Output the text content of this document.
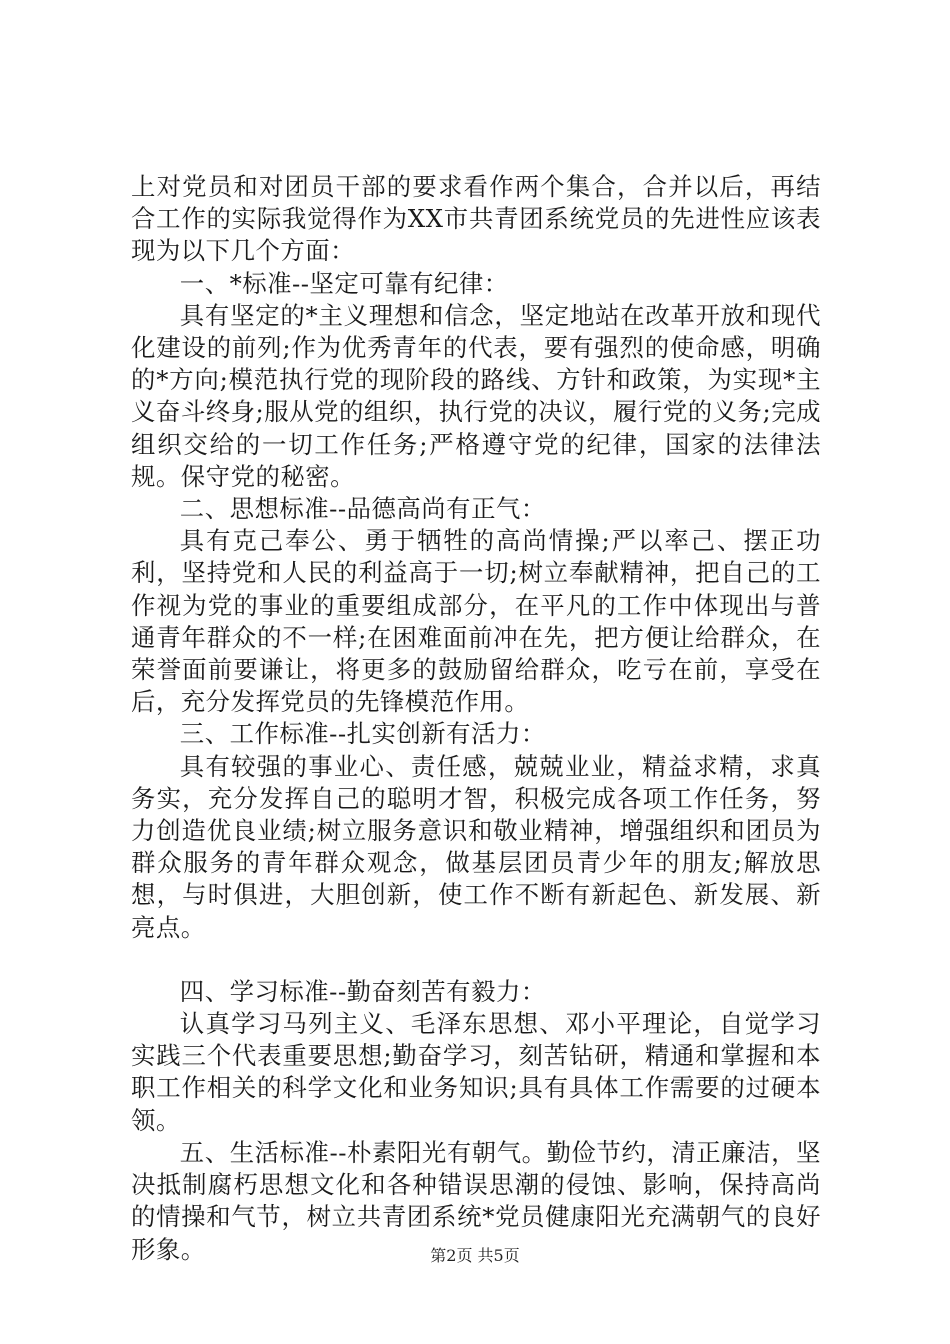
上对党员和对团员干部的要求看作两个集合，合并以后，再结合工作的实际我觉得作为XX市共青团系统党员的先进性应该表现为以下几个方面：

一、*标准--坚定可靠有纪律：

具有坚定的*主义理想和信念，坚定地站在改革开放和现代化建设的前列;作为优秀青年的代表，要有强烈的使命感，明确的*方向;模范执行党的现阶段的路线、方针和政策，为实现*主义奋斗终身;服从党的组织，执行党的决议，履行党的义务;完成组织交给的一切工作任务;严格遵守党的纪律，国家的法律法规。保守党的秘密。

二、思想标准--品德高尚有正气：

具有克己奉公、勇于牺牲的高尚情操;严以率己、摆正功利，坚持党和人民的利益高于一切;树立奉献精神，把自己的工作视为党的事业的重要组成部分，在平凡的工作中体现出与普通青年群众的不一样;在困难面前冲在先，把方便让给群众，在荣誉面前要谦让，将更多的鼓励留给群众，吃亏在前，享受在后，充分发挥党员的先锋模范作用。

三、工作标准--扎实创新有活力：

具有较强的事业心、责任感，兢兢业业，精益求精，求真务实，充分发挥自己的聪明才智，积极完成各项工作任务，努力创造优良业绩;树立服务意识和敬业精神，增强组织和团员为群众服务的青年群众观念，做基层团员青少年的朋友;解放思想，与时俱进，大胆创新，使工作不断有新起色、新发展、新亮点。

四、学习标准--勤奋刻苦有毅力：

认真学习马列主义、毛泽东思想、邓小平理论，自觉学习实践三个代表重要思想;勤奋学习，刻苦钻研，精通和掌握和本职工作相关的科学文化和业务知识;具有具体工作需要的过硬本领。

五、生活标准--朴素阳光有朝气。勤俭节约，清正廉洁，坚决抵制腐朽思想文化和各种错误思潮的侵蚀、影响，保持高尚的情操和气节，树立共青团系统*党员健康阳光充满朝气的良好形象。	第2页 共5页
